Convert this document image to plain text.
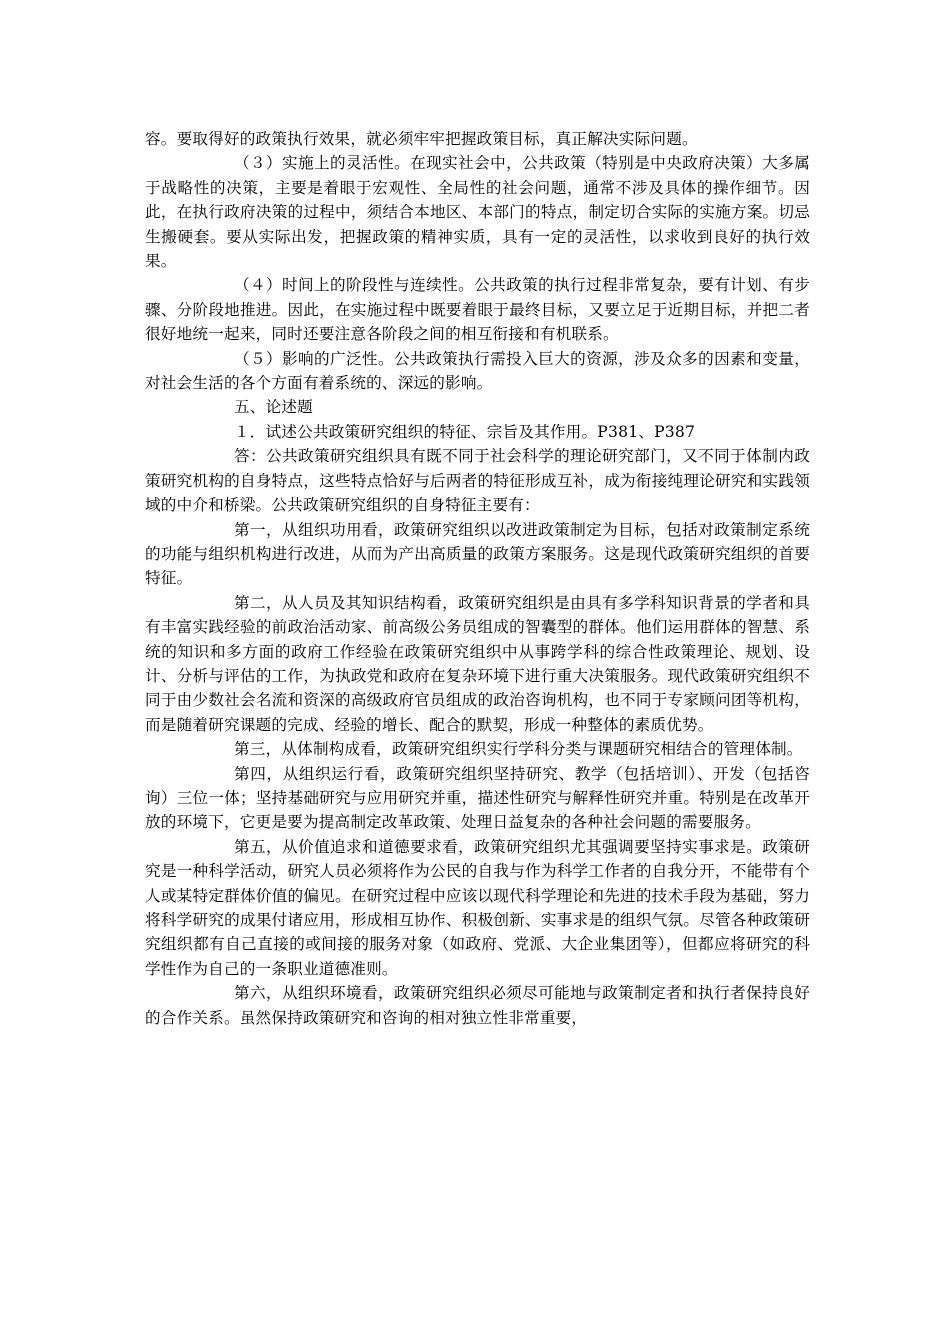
容。要取得好的政策执行效果，就必须牢牢把握政策目标，真正解决实际问题。

（３）实施上的灵活性。在现实社会中，公共政策（特别是中央政府决策）大多属于战略性的决策，主要是着眼于宏观性、全局性的社会问题，通常不涉及具体的操作细节。因此，在执行政府决策的过程中，须结合本地区、本部门的特点，制定切合实际的实施方案。切忌生搬硬套。要从实际出发，把握政策的精神实质，具有一定的灵活性，以求收到良好的执行效果。

（４）时间上的阶段性与连续性。公共政策的执行过程非常复杂，要有计划、有步骤、分阶段地推进。因此，在实施过程中既要着眼于最终目标，又要立足于近期目标，并把二者很好地统一起来，同时还要注意各阶段之间的相互衔接和有机联系。

（５）影响的广泛性。公共政策执行需投入巨大的资源，涉及众多的因素和变量，对社会生活的各个方面有着系统的、深远的影响。

五、论述题

１．试述公共政策研究组织的特征、宗旨及其作用。P381、P387

答：公共政策研究组织具有既不同于社会科学的理论研究部门，又不同于体制内政策研究机构的自身特点，这些特点恰好与后两者的特征形成互补，成为衔接纯理论研究和实践领域的中介和桥梁。公共政策研究组织的自身特征主要有：

第一，从组织功用看，政策研究组织以改进政策制定为目标，包括对政策制定系统的功能与组织机构进行改进，从而为产出高质量的政策方案服务。这是现代政策研究组织的首要特征。

第二，从人员及其知识结构看，政策研究组织是由具有多学科知识背景的学者和具有丰富实践经验的前政治活动家、前高级公务员组成的智囊型的群体。他们运用群体的智慧、系统的知识和多方面的政府工作经验在政策研究组织中从事跨学科的综合性政策理论、规划、设计、分析与评估的工作，为执政党和政府在复杂环境下进行重大决策服务。现代政策研究组织不同于由少数社会名流和资深的高级政府官员组成的政治咨询机构，也不同于专家顾问团等机构，而是随着研究课题的完成、经验的增长、配合的默契，形成一种整体的素质优势。

第三，从体制构成看，政策研究组织实行学科分类与课题研究相结合的管理体制。

第四，从组织运行看，政策研究组织坚持研究、教学（包括培训）、开发（包括咨询）三位一体；坚持基础研究与应用研究并重，描述性研究与解释性研究并重。特别是在改革开放的环境下，它更是要为提高制定改革政策、处理日益复杂的各种社会问题的需要服务。

第五，从价值追求和道德要求看，政策研究组织尤其强调要坚持实事求是。政策研究是一种科学活动，研究人员必须将作为公民的自我与作为科学工作者的自我分开，不能带有个人或某特定群体价值的偏见。在研究过程中应该以现代科学理论和先进的技术手段为基础，努力将科学研究的成果付诸应用，形成相互协作、积极创新、实事求是的组织气氛。尽管各种政策研究组织都有自己直接的或间接的服务对象（如政府、党派、大企业集团等），但都应将研究的科学性作为自己的一条职业道德准则。

第六，从组织环境看，政策研究组织必须尽可能地与政策制定者和执行者保持良好的合作关系。虽然保持政策研究和咨询的相对独立性非常重要，
